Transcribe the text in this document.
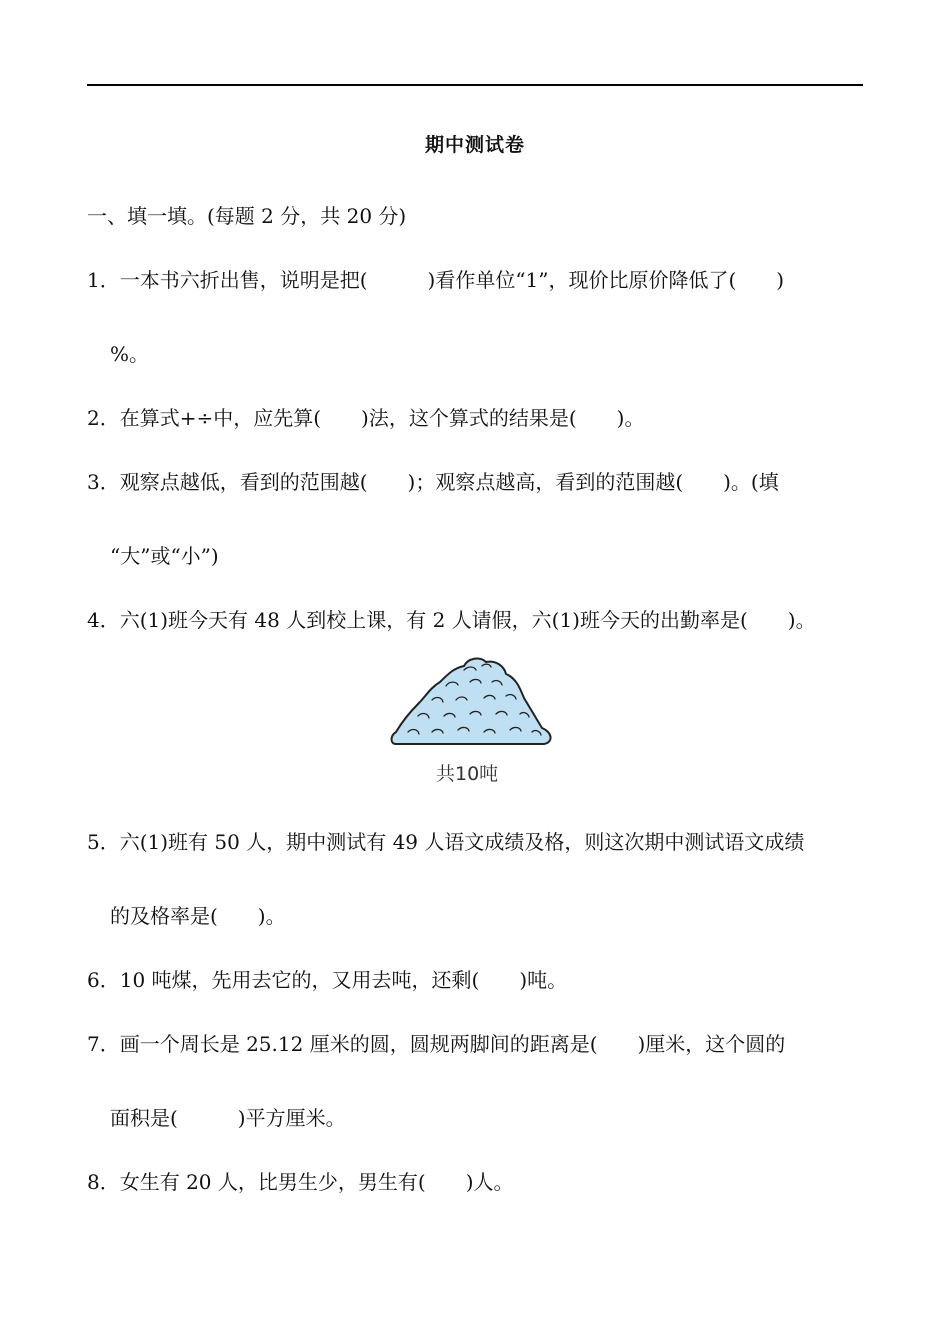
期中测试卷
一、填一填。(每题 2 分，共 20 分)
1．一本书六折出售，说明是把(　　　)看作单位“1”，现价比原价降低了(　　)
%。
2．在算式+÷中，应先算(　　)法，这个算式的结果是(　　)。
3．观察点越低，看到的范围越(　　)；观察点越高，看到的范围越(　　)。(填
“大”或“小”)
4．六(1)班今天有 48 人到校上课，有 2 人请假，六(1)班今天的出勤率是(　　)。
共10吨
5．六(1)班有 50 人，期中测试有 49 人语文成绩及格，则这次期中测试语文成绩
的及格率是(　　)。
6．10 吨煤，先用去它的，又用去吨，还剩(　　)吨。
7．画一个周长是 25.12 厘米的圆，圆规两脚间的距离是(　　)厘米，这个圆的
面积是(　　　)平方厘米。
8．女生有 20 人，比男生少，男生有(　　)人。
